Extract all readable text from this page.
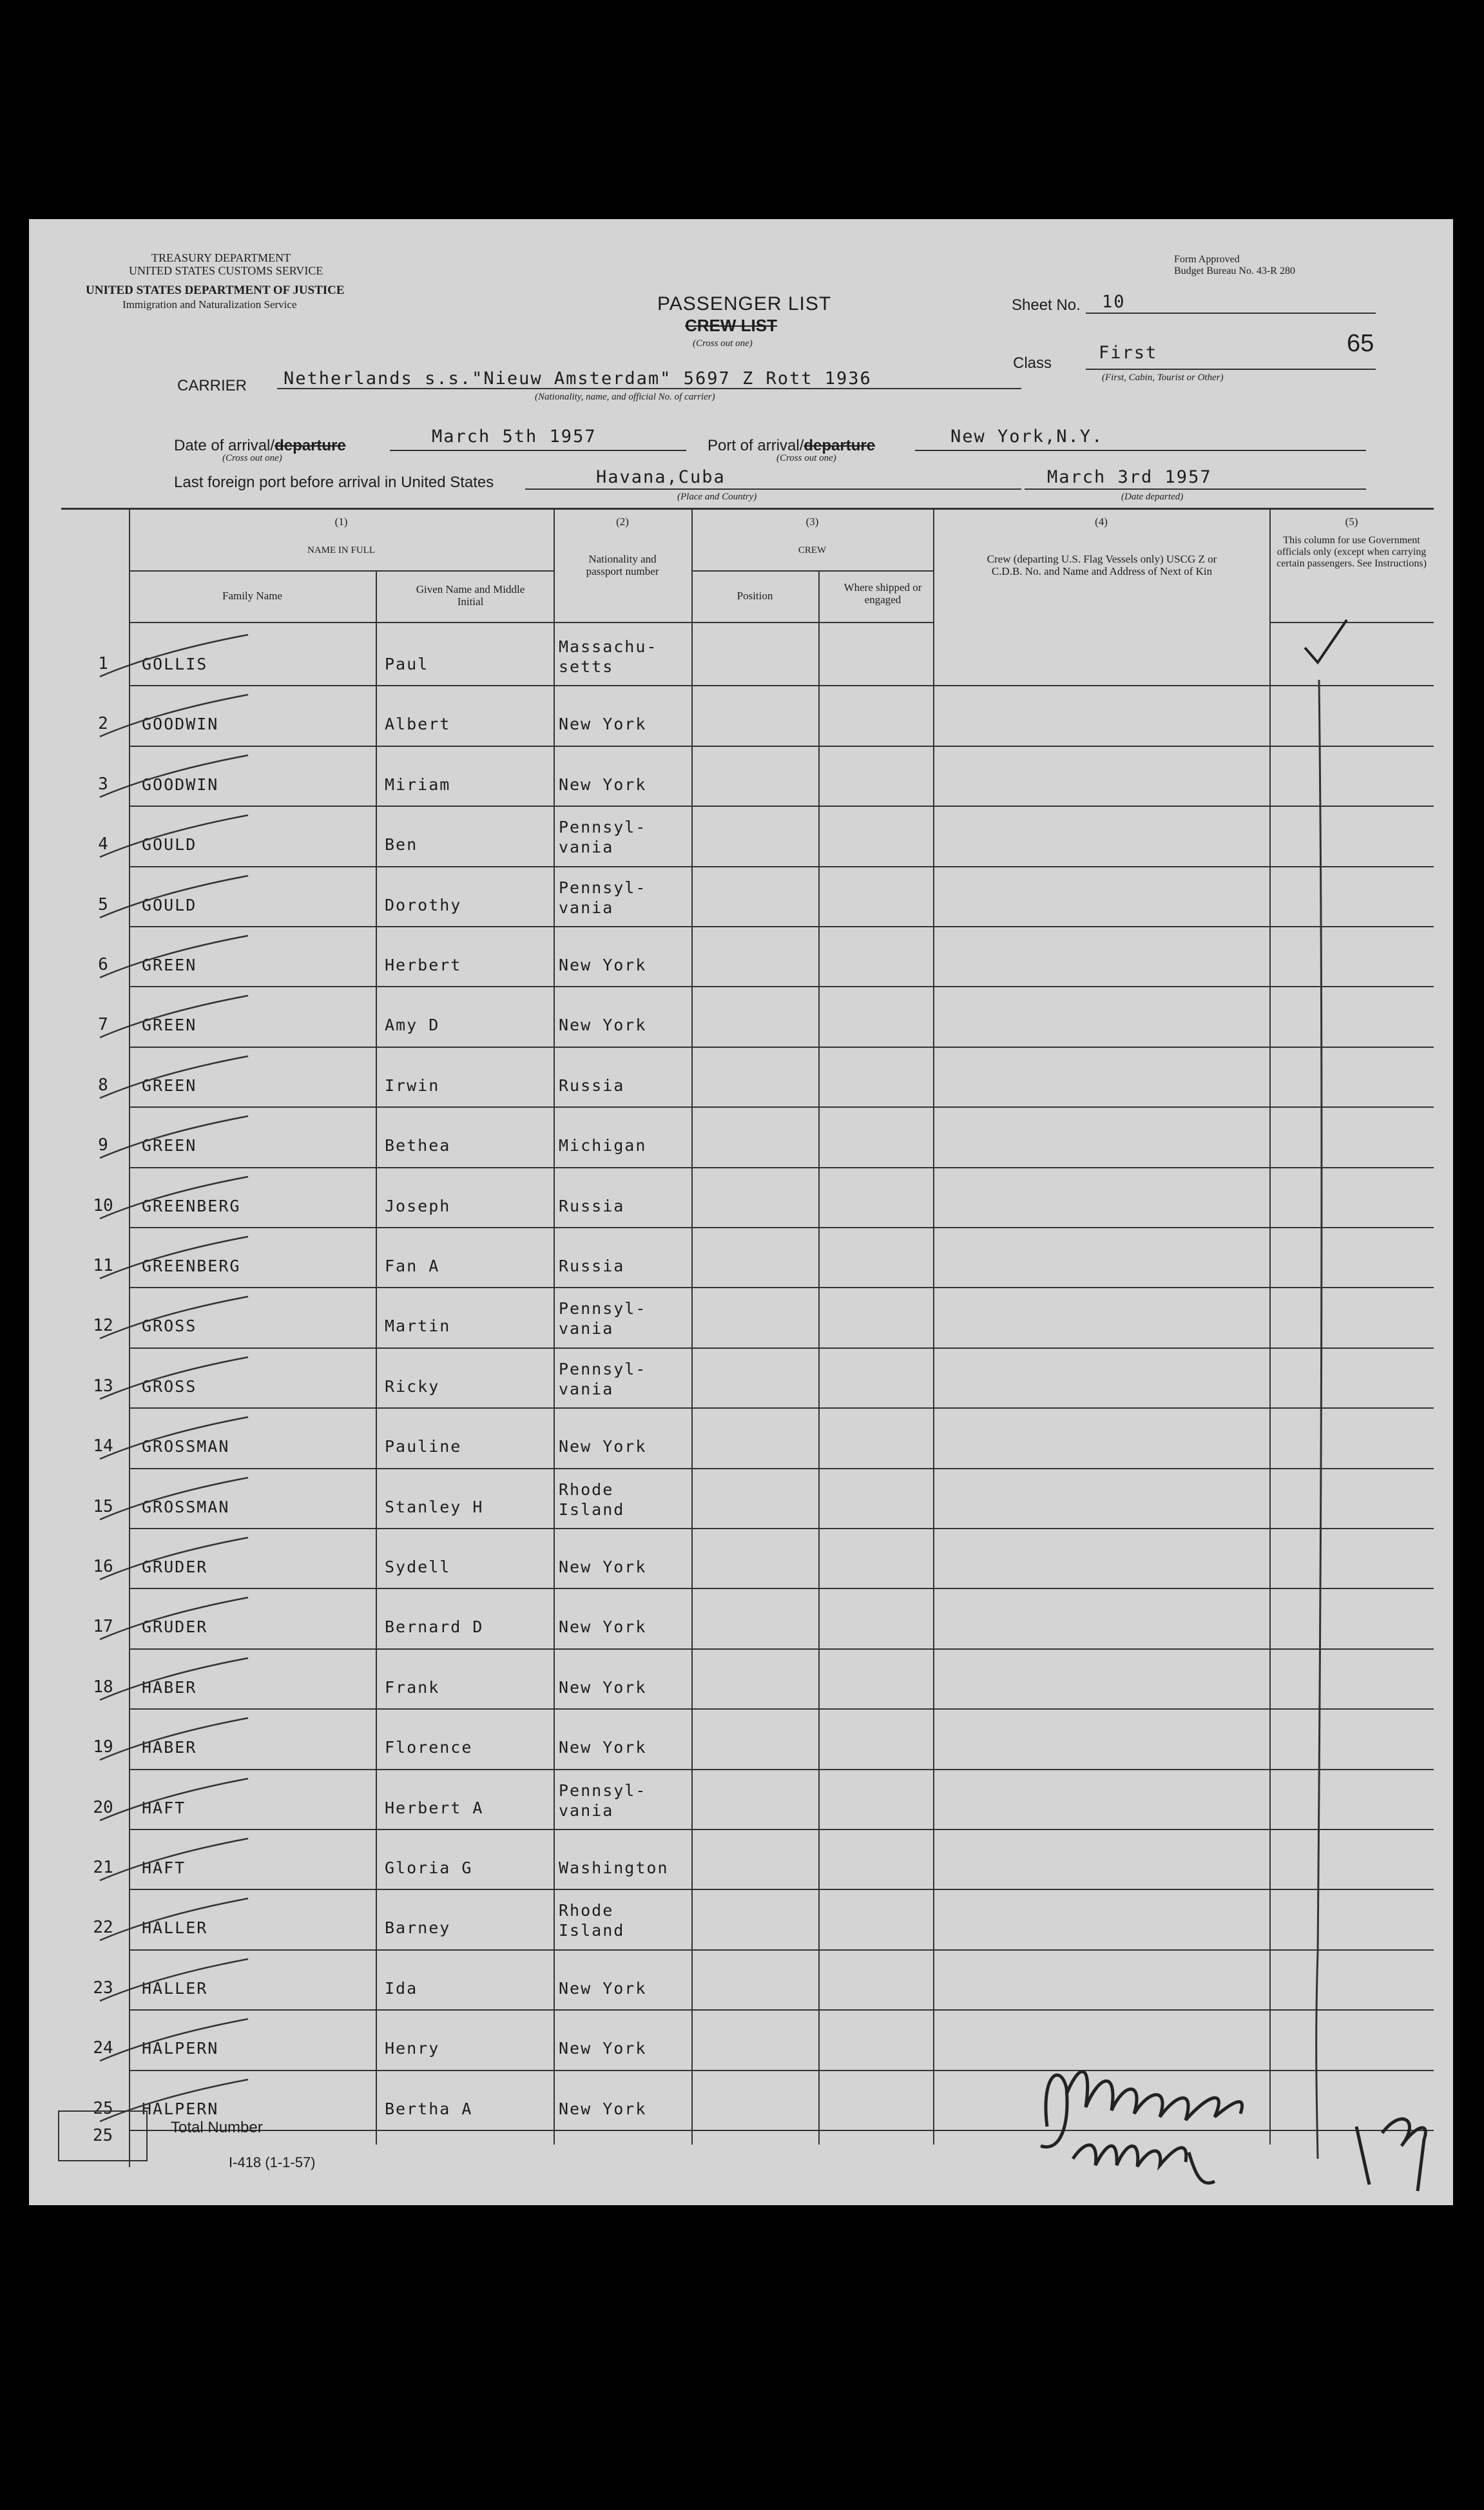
TREASURY DEPARTMENT
UNITED STATES CUSTOMS SERVICE
UNITED STATES DEPARTMENT OF JUSTICE
Immigration and Naturalization Service
Form Approved
Budget Bureau No. 43-R 280
PASSENGER LIST
CREW LIST
(Cross out one)
Sheet No. 10
Class
First	65
(First, Cabin, Tourist or Other)
CARRIER Netherlands s.s."Nieuw Amsterdam" 5697 Z Rott 1936
(Nationality, name, and official No. of carrier)
Date of arrival/departure
(Cross out one)
March 5th 1957	Port of arrival/departure
(Cross out one)
New York,N.Y.
Last foreign port before arrival in United States	Havana,Cuba
(Place and Country)
March 3rd 1957
(Date departed)
(1)
NAME IN FULL
Family Name
Given Name and Middle Initial
(2)
Nationality and passport number
(3)
CREW
Position
Where shipped or engaged
(4)
Crew (departing U.S. Flag Vessels only) USCG Z or C.D.B. No. and Name and Address of Next of Kin
(5)
This column for use Government officials only (except when carrying certain passengers. See Instructions)
1	GOLLIS	Paul
Massachu-
setts
2	GOODWIN	Albert	New York
3	GOODWIN	Miriam	New York
4	GOULD	Ben
Pennsyl-
vania
5	GOULD	Dorothy
Pennsyl-
vania
6	GREEN	Herbert	New York
7	GREEN	Amy D	New York
8	GREEN	Irwin	Russia
9	GREEN	Bethea	Michigan
10	GREENBERG	Joseph	Russia
11	GREENBERG	Fan A	Russia
12	GROSS	Martin
Pennsyl-
vania
13	GROSS	Ricky
Pennsyl-
vania
14	GROSSMAN	Pauline	New York
15	GROSSMAN	Stanley H
Rhode
Island
16	GRUDER	Sydell	New York
17	GRUDER	Bernard D	New York
18	HABER	Frank	New York
19	HABER	Florence	New York
20	HAFT	Herbert A
Pennsyl-
vania
21	HAFT	Gloria G	Washington
22	HALLER	Barney
Rhode
Island
23	HALLER	Ida	New York
24	HALPERN	Henry	New York
25	HALPERN	Bertha A	New York
25	Total Number
I-418 (1-1-57)
